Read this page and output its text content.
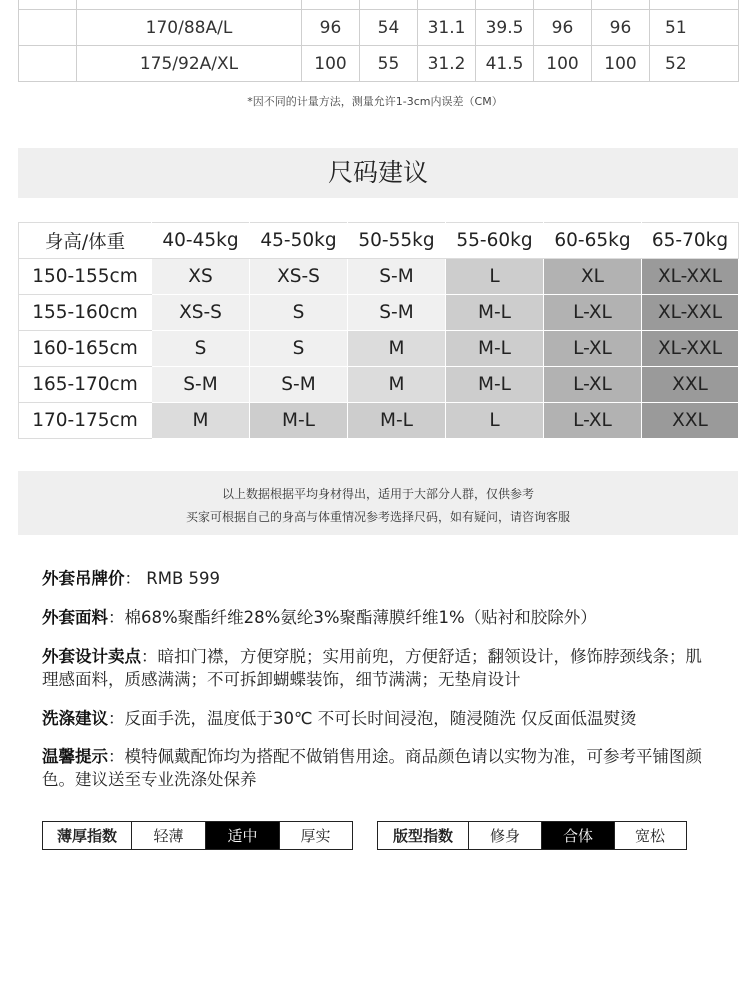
	170/88A/L	96	54	31.1	39.5	96	96	51
	175/92A/XL	100	55	31.2	41.5	100	100	52
*因不同的计量方法，测量允许1-3cm内误差（CM）
尺码建议
身高/体重	40-45kg	45-50kg	50-55kg	55-60kg	60-65kg	65-70kg
150-155cm	XS	XS-S	S-M	L	XL	XL-XXL
155-160cm	XS-S	S	S-M	M-L	L-XL	XL-XXL
160-165cm	S	S	M	M-L	L-XL	XL-XXL
165-170cm	S-M	S-M	M	M-L	L-XL	XXL
170-175cm	M	M-L	M-L	L	L-XL	XXL

以上数据根据平均身材得出，适用于大部分人群，仅供参考

买家可根据自己的身高与体重情况参考选择尺码，如有疑问，请咨询客服

外套吊牌价： RMB 599
外套面料：棉68%聚酯纤维28%氨纶3%聚酯薄膜纤维1%（贴衬和胶除外）
外套设计卖点：暗扣门襟，方便穿脱；实用前兜，方便舒适；翻领设计，修饰脖颈线条；肌理感面料，质感满满；不可拆卸蝴蝶装饰，细节满满；无垫肩设计
洗涤建议：反面手洗，温度低于30℃ 不可长时间浸泡，随浸随洗 仅反面低温熨烫
温馨提示：模特佩戴配饰均为搭配不做销售用途。商品颜色请以实物为准，可参考平铺图颜色。建议送至专业洗涤处保养
薄厚指数	轻薄	适中	厚实	版型指数	修身	合体	宽松
